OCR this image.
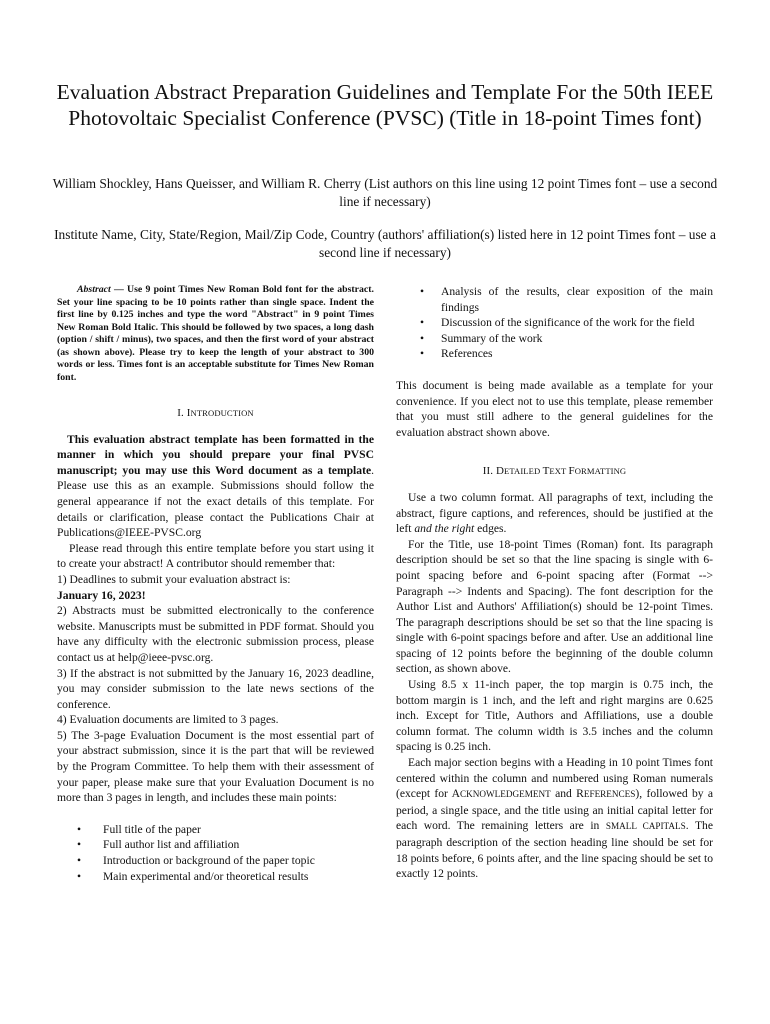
Evaluation Abstract Preparation Guidelines and Template For the 50th IEEE Photovoltaic Specialist Conference (PVSC) (Title in 18-point Times font)
William Shockley, Hans Queisser, and William R. Cherry (List authors on this line using 12 point Times font – use a second line if necessary)
Institute Name, City, State/Region, Mail/Zip Code, Country (authors' affiliation(s) listed here in 12 point Times font – use a second line if necessary)

Abstract — Use 9 point Times New Roman Bold font for the abstract. Set your line spacing to be 10 points rather than single space. Indent the first line by 0.125 inches and type the word "Abstract" in 9 point Times New Roman Bold Italic. This should be followed by two spaces, a long dash (option / shift / minus), two spaces, and then the first word of your abstract (as shown above). Please try to keep the length of your abstract to 300 words or less. Times font is an acceptable substitute for Times New Roman font.

I. INTRODUCTION

This evaluation abstract template has been formatted in the manner in which you should prepare your final PVSC manuscript; you may use this Word document as a template. Please use this as an example. Submissions should follow the general appearance if not the exact details of this template. For details or clarification, please contact the Publications Chair at Publications@IEEE-PVSC.org

Please read through this entire template before you start using it to create your abstract! A contributor should remember that:

1) Deadlines to submit your evaluation abstract is:

January 16, 2023!

2) Abstracts must be submitted electronically to the conference website. Manuscripts must be submitted in PDF format. Should you have any difficulty with the electronic submission process, please contact us at help@ieee-pvsc.org.

3) If the abstract is not submitted by the January 16, 2023 deadline, you may consider submission to the late news sections of the conference.

4) Evaluation documents are limited to 3 pages.

5) The 3-page Evaluation Document is the most essential part of your abstract submission, since it is the part that will be reviewed by the Program Committee. To help them with their assessment of your paper, please make sure that your Evaluation Document is no more than 3 pages in length, and includes these main points:

• Full title of the paper
• Full author list and affiliation
• Introduction or background of the paper topic
• Main experimental and/or theoretical results
• Analysis of the results, clear exposition of the main findings
• Discussion of the significance of the work for the field
• Summary of the work
• References

This document is being made available as a template for your convenience. If you elect not to use this template, please remember that you must still adhere to the general guidelines for the evaluation abstract shown above.

II. DETAILED TEXT FORMATTING

Use a two column format. All paragraphs of text, including the abstract, figure captions, and references, should be justified at the left and the right edges.

For the Title, use 18-point Times (Roman) font. Its paragraph description should be set so that the line spacing is single with 6-point spacing before and 6-point spacing after (Format --> Paragraph --> Indents and Spacing). The font description for the Author List and Authors' Affiliation(s) should be 12-point Times. The paragraph descriptions should be set so that the line spacing is single with 6-point spacings before and after. Use an additional line spacing of 12 points before the beginning of the double column section, as shown above.

Using 8.5 x 11-inch paper, the top margin is 0.75 inch, the bottom margin is 1 inch, and the left and right margins are 0.625 inch. Except for Title, Authors and Affiliations, use a double column format. The column width is 3.5 inches and the column spacing is 0.25 inch.

Each major section begins with a Heading in 10 point Times font centered within the column and numbered using Roman numerals (except for ACKNOWLEDGEMENT and REFERENCES), followed by a period, a single space, and the title using an initial capital letter for each word. The remaining letters are in SMALL CAPITALS. The paragraph description of the section heading line should be set for 18 points before, 6 points after, and the line spacing should be set to exactly 12 points.
